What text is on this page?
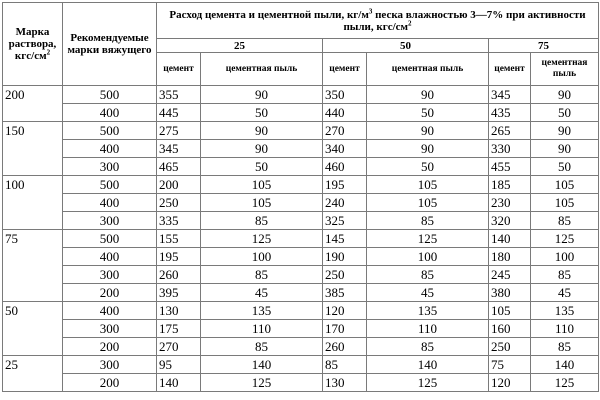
Марка раствора, кгс/$см^2$	Рекомендуемые марки вяжущего	Расход цемента и цементной пыли, $кг/м^3$ песка влажностью 3—7% при активности пыли, кгс/$см^2$
		25		50		75	
		цемент	цементная пыль	цемент	цементная пыль	цемент	цементная пыль
200	500	355	90	350	90	345	90
	400	445	50	440	50	435	50
150	500	275	90	270	90	265	90
	400	345	90	340	90	330	90
	300	465	50	460	50	455	50
100	500	200	105	195	105	185	105
	400	250	105	240	105	230	105
	300	335	85	325	85	320	85
75	500	155	125	145	125	140	125
	400	195	100	190	100	180	100
	300	260	85	250	85	245	85
	200	395	45	385	45	380	45
50	400	130	135	120	135	105	135
	300	175	110	170	110	160	110
	200	270	85	260	85	250	85
25	300	95	140	85	140	75	140
	200	140	125	130	125	120	125
